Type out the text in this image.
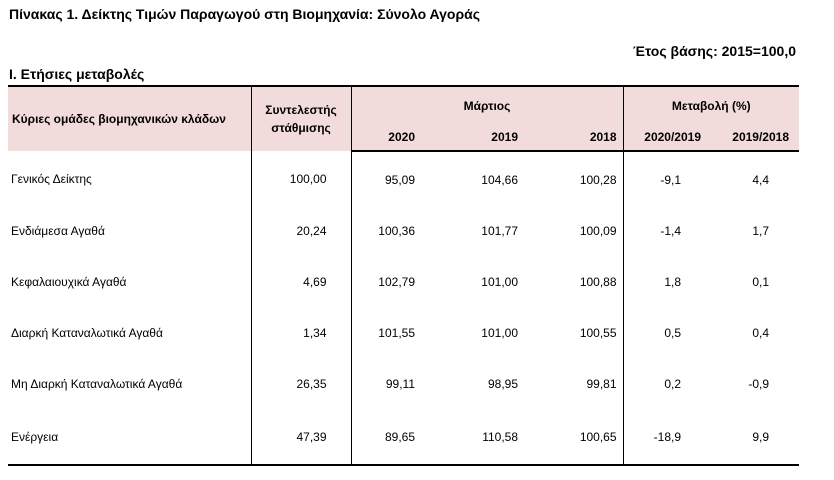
Πίνακας 1. Δείκτης Τιμών Παραγωγού στη Βιομηχανία: Σύνολο Αγοράς
Έτος βάσης: 2015=100,0
Ι. Ετήσιες μεταβολές
Κύριες ομάδες βιομηχανικών κλάδων	Συντελεστής στάθμισης	Μάρτιος			Μεταβολή (%)	
		2020	2019	2018	2020/2019	2019/2018
Γενικός Δείκτης	100,00	95,09	104,66	100,28	-9,1	4,4
Ενδιάμεσα Αγαθά	20,24	100,36	101,77	100,09	-1,4	1,7
Κεφαλαιουχικά Αγαθά	4,69	102,79	101,00	100,88	1,8	0,1
Διαρκή Καταναλωτικά Αγαθά	1,34	101,55	101,00	100,55	0,5	0,4
Μη Διαρκή Καταναλωτικά Αγαθά	26,35	99,11	98,95	99,81	0,2	-0,9
Ενέργεια	47,39	89,65	110,58	100,65	-18,9	9,9
